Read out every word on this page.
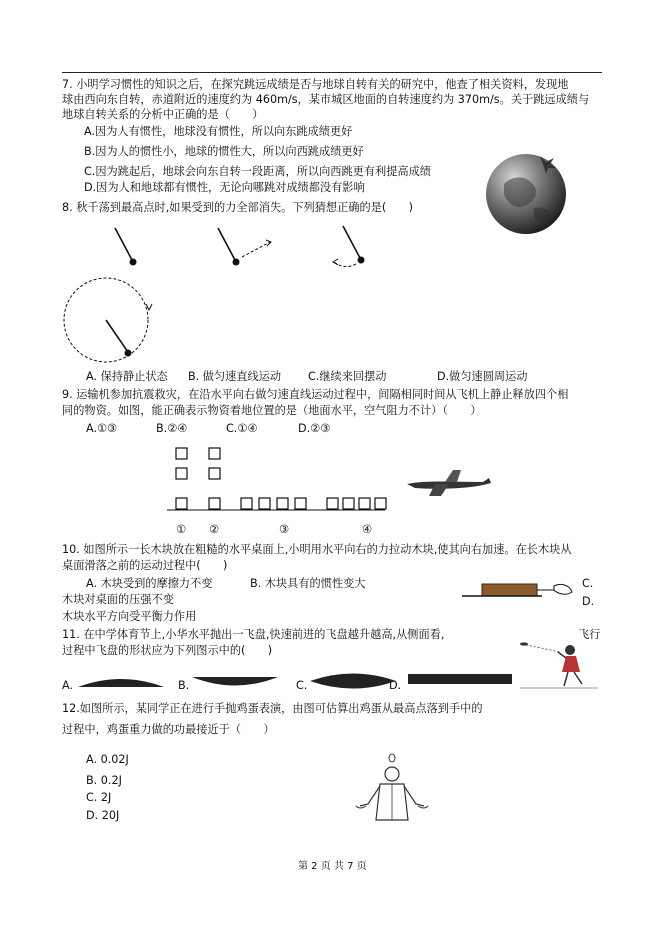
7. 小明学习惯性的知识之后，在探究跳远成绩是否与地球自转有关的研究中，他查了相关资料，发现地
球由西向东自转，赤道附近的速度约为 460m/s，某市城区地面的自转速度约为 370m/s。关于跳远成绩与
地球自转关系的分析中正确的是（　　）
A.因为人有惯性，地球没有惯性，所以向东跳成绩更好
B.因为人的惯性小，地球的惯性大，所以向西跳成绩更好
C.因为跳起后，地球会向东自转一段距离，所以向西跳更有利提高成绩
D.因为人和地球都有惯性，无论向哪跳对成绩都没有影响
8. 秋千荡到最高点时,如果受到的力全部消失。下列猜想正确的是(　　)
A. 保持静止状态 B. 做匀速直线运动 C.继续来回摆动	D.做匀速圆周运动
9. 运输机参加抗震救灾，在沿水平向右做匀速直线运动过程中，间隔相同时间从飞机上静止释放四个相
同的物资。如图，能正确表示物资着地位置的是（地面水平，空气阻力不计）（　　）
A.①③	B.②④	C.①④	D.②③
① ②	③	④
10. 如图所示一长木块放在粗糙的水平桌面上,小明用水平向右的力拉动木块,使其向右加速。在长木块从
桌面滑落之前的运动过程中(　　)
A. 木块受到的摩擦力不变	B. 木块具有的惯性变大	C.
木块对桌面的压强不变	D.
木块水平方向受平衡力作用
11. 在中学体育节上,小华水平抛出一飞盘,快速前进的飞盘越升越高,从侧面看,	飞行
过程中飞盘的形状应为下列图示中的(　　)
A.	B.	C.	D.
12.如图所示，某同学正在进行手抛鸡蛋表演，由图可估算出鸡蛋从最高点落到手中的
过程中，鸡蛋重力做的功最接近于（　　）
A. 0.02J
B. 0.2J
C. 2J
D. 20J
第 2 页 共 7 页
